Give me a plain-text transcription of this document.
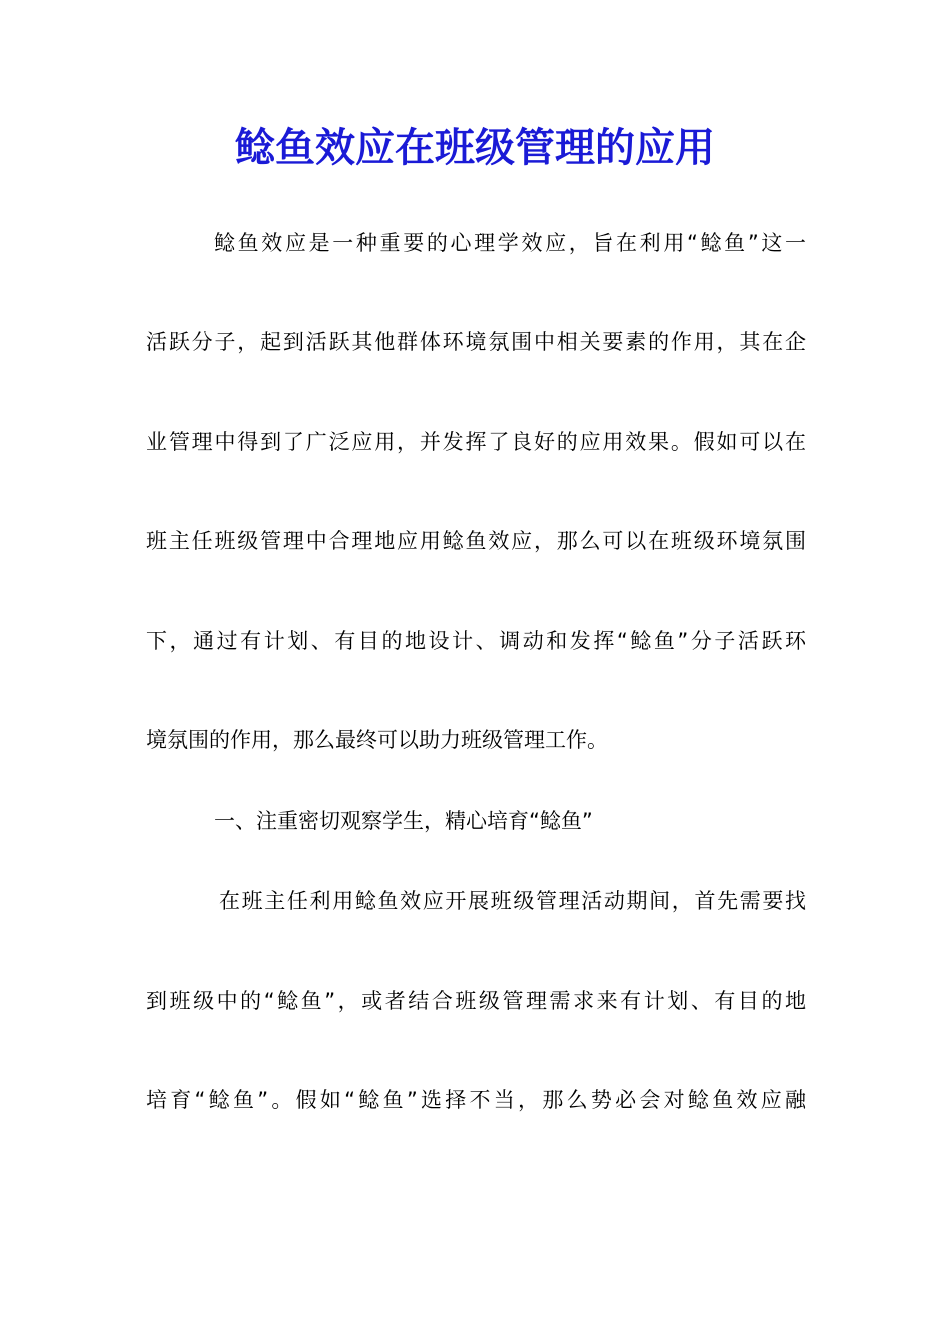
鲶鱼效应在班级管理的应用

鲶鱼效应是一种重要的心理学效应，旨在利用“鲶鱼”这一

活跃分子，起到活跃其他群体环境氛围中相关要素的作用，其在企

业管理中得到了广泛应用，并发挥了良好的应用效果。假如可以在

班主任班级管理中合理地应用鲶鱼效应，那么可以在班级环境氛围

下，通过有计划、有目的地设计、调动和发挥“鲶鱼”分子活跃环

境氛围的作用，那么最终可以助力班级管理工作。

一、注重密切观察学生，精心培育“鲶鱼”

在班主任利用鲶鱼效应开展班级管理活动期间，首先需要找

到班级中的“鲶鱼”，或者结合班级管理需求来有计划、有目的地

培育“鲶鱼”。假如“鲶鱼”选择不当，那么势必会对鲶鱼效应融
